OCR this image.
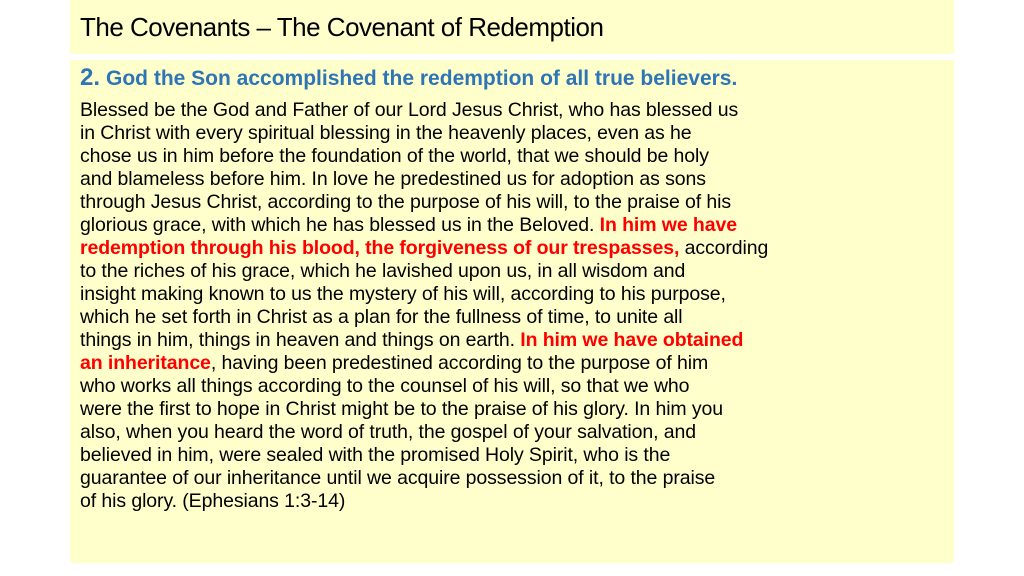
The Covenants – The Covenant of Redemption
2. God the Son accomplished the redemption of all true believers.
Blessed be the God and Father of our Lord Jesus Christ, who has blessed us
in Christ with every spiritual blessing in the heavenly places, even as he
chose us in him before the foundation of the world, that we should be holy
and blameless before him. In love he predestined us for adoption as sons
through Jesus Christ, according to the purpose of his will, to the praise of his
glorious grace, with which he has blessed us in the Beloved. In him we have
redemption through his blood, the forgiveness of our trespasses, according
to the riches of his grace, which he lavished upon us, in all wisdom and
insight making known to us the mystery of his will, according to his purpose,
which he set forth in Christ as a plan for the fullness of time, to unite all
things in him, things in heaven and things on earth. In him we have obtained
an inheritance, having been predestined according to the purpose of him
who works all things according to the counsel of his will, so that we who
were the first to hope in Christ might be to the praise of his glory. In him you
also, when you heard the word of truth, the gospel of your salvation, and
believed in him, were sealed with the promised Holy Spirit, who is the
guarantee of our inheritance until we acquire possession of it, to the praise
of his glory. (Ephesians 1:3-14)
